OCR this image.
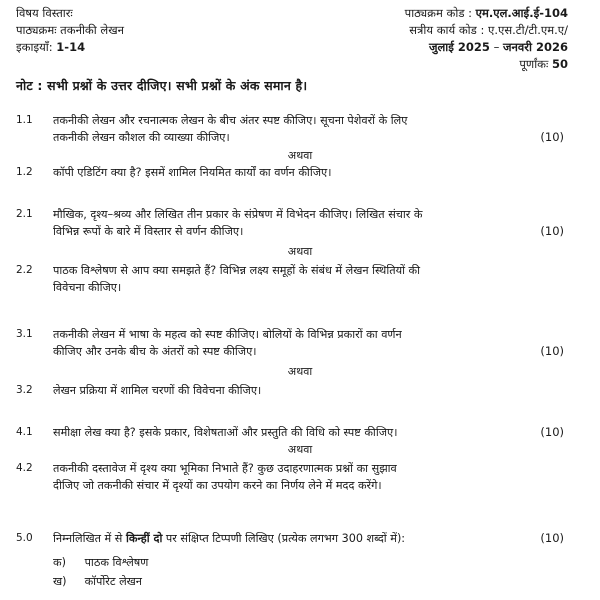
विषय विस्तारः
पाठ्यक्रमः तकनीकी लेखन
इकाइयाँ: 1-14
पाठ्यक्रम कोड : एम.एल.आई.ई-104
सत्रीय कार्य कोड : ए.एस.टी/टी.एम.ए/
जुलाई 2025 – जनवरी 2026
पूर्णांकः 50
नोट : सभी प्रश्नों के उत्तर दीजिए। सभी प्रश्नों के अंक समान है।
1.1 तकनीकी लेखन और रचनात्मक लेखन के बीच अंतर स्पष्ट कीजिए। सूचना पेशेवरों के लिए
तकनीकी लेखन कौशल की व्याख्या कीजिए।	(10)
अथवा
1.2 कॉपी एडिटिंग क्या है? इसमें शामिल नियमित कार्यों का वर्णन कीजिए।
2.1 मौखिक, दृश्य–श्रव्य और लिखित तीन प्रकार के संप्रेषण में विभेदन कीजिए। लिखित संचार के
विभिन्न रूपों के बारे में विस्तार से वर्णन कीजिए।	(10)
अथवा
2.2 पाठक विश्लेषण से आप क्या समझते हैं? विभिन्न लक्ष्य समूहों के संबंध में लेखन स्थितियों की
विवेचना कीजिए।
3.1 तकनीकी लेखन में भाषा के महत्व को स्पष्ट कीजिए। बोलियों के विभिन्न प्रकारों का वर्णन
कीजिए और उनके बीच के अंतरों को स्पष्ट कीजिए।	(10)
अथवा
3.2 लेखन प्रक्रिया में शामिल चरणों की विवेचना कीजिए।
4.1 समीक्षा लेख क्या है? इसके प्रकार, विशेषताओं और प्रस्तुति की विधि को स्पष्ट कीजिए।	(10)
अथवा
4.2 तकनीकी दस्तावेज में दृश्य क्या भूमिका निभाते हैं? कुछ उदाहरणात्मक प्रश्नों का सुझाव
दीजिए जो तकनीकी संचार में दृश्यों का उपयोग करने का निर्णय लेने में मदद करेंगे।
5.0 निम्नलिखित में से किन्हीं दो पर संक्षिप्त टिप्पणी लिखिए (प्रत्येक लगभग 300 शब्दों में):	(10)
क) पाठक विश्लेषण
ख) कॉर्पोरेट लेखन
